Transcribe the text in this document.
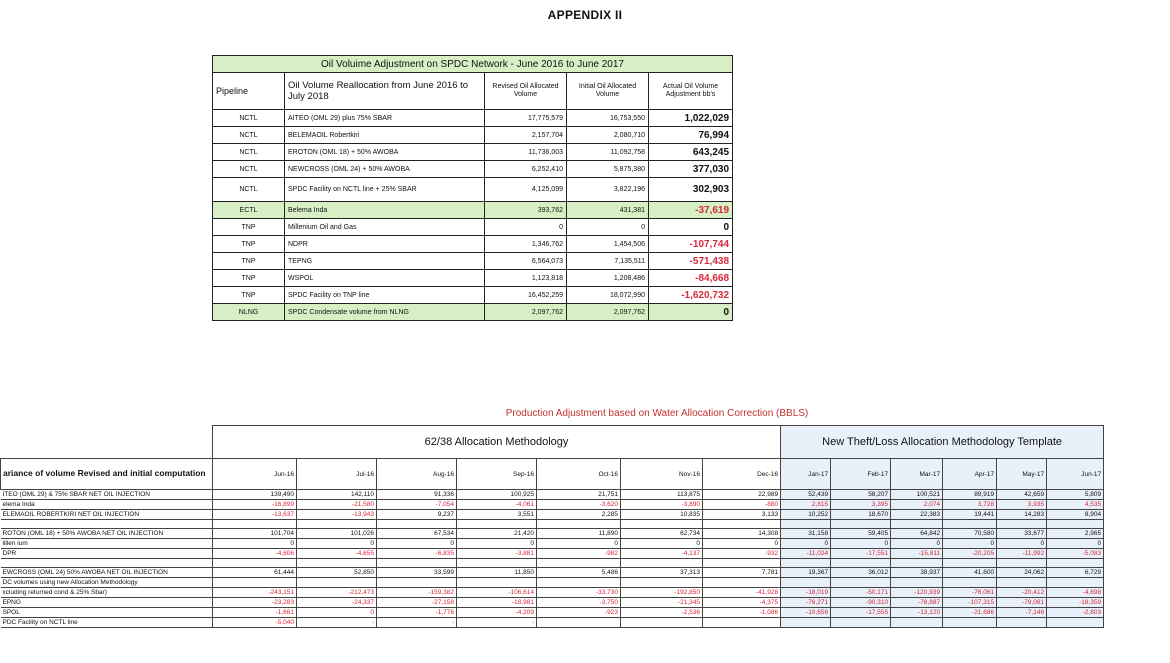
APPENDIX II
Oil Voluime Adjustment on SPDC Network - June 2016 to June 2017				
Pipeline	Oil Volume Reallocation from June 2016 to July 2018	Revised Oil Allocated Volume	Initial Oil Allocated Volume	Actual Oil Volume Adjustment bb's
NCTL	AITEO (OML 29) plus 75% SBAR	17,775,579	16,753,550	1,022,029
NCTL	BELEMAOIL Robertkiri	2,157,704	2,080,710	76,994
NCTL	EROTON (OML 18) + 50% AWOBA	11,736,003	11,092,758	643,245
NCTL	NEWCROSS (OML 24) + 50% AWOBA	6,252,410	5,875,380	377,030
NCTL	SPDC Facility on NCTL line + 25% SBAR	4,125,099	3,822,196	302,903
ECTL	Belema Inda	393,762	431,381	-37,619
TNP	Millenium Oil and Gas	0	0	0
TNP	NDPR	1,346,762	1,454,506	-107,744
TNP	TEPNG	6,564,073	7,135,511	-571,438
TNP	WSPOL	1,123,818	1,208,486	-84,668
TNP	SPDC Facility on TNP line	16,452,259	18,072,990	-1,620,732
NLNG	SPDC Condensate volume from NLNG	2,097,762	2,097,762	0
Production Adjustment based on Water Allocation Correction (BBLS)
	62/38 Allocation Methodology							New Theft/Loss Allocation Methodology Template					
ariance of volume Revised and initial computation	Jun-16	Jul-16	Aug-16	Sep-16	Oct-16	Nov-16	Dec-16	Jan-17	Feb-17	Mar-17	Apr-17	May-17	Jun-17
ITEO (OML 29) & 75% SBAR NET OIL INJECTION	139,490	142,110	91,336	100,925	21,751	113,875	22,989	52,439	58,207	100,521	89,919	42,659	5,809
elema Inda	-16,899	-21,580	-7,054	-4,061	-3,620	-3,890	-880	2,815	3,395	2,074	3,728	3,935	4,535
ELEMAOIL ROBERTKIRI NET OIL INJECTION	-13,637	-13,943	9,237	3,551	2,285	10,835	3,133	10,252	18,670	22,383	19,441	14,283	8,904

ROTON (OML 18) + 50% AWOBA NET OIL INJECTION	101,704	101,026	67,534	21,420	11,890	62,734	14,308	31,158	59,405	64,842	70,580	33,677	2,965
lillen ium	0	0	0	0	0	0	0	0	0	0	0	0	0
DPR	-4,606	-4,655	-6,835	-3,881	-982	-4,137	-932	-11,024	-17,551	-15,811	-20,205	-11,992	-5,083

EWCROSS (OML 24) 50% AWOBA NET OIL INJECTION	61,444	52,850	33,599	11,850	5,486	37,313	7,781	19,367	36,012	38,937	41,600	24,062	6,729
DC volumes using new Allocation Methodology													
xcluding returned cond & 25% Sbar)	-243,151	-212,473	-159,382	-106,614	-33,730	-192,850	-41,928	-18,019	-50,171	-120,939	-76,061	-20,412	-4,698
EPNG	-23,283	-24,337	-27,158	-18,981	-3,750	-21,345	-4,375	-76,271	-90,310	-78,887	-107,315	-79,061	-18,359
SPOL	-1,661	0	-1,776	-4,209	-923	-2,536	-1,086	-10,656	-17,555	-13,120	-21,686	-7,146	-2,803
PDC Facility on NCTL line	-5,040	-	-	-									
